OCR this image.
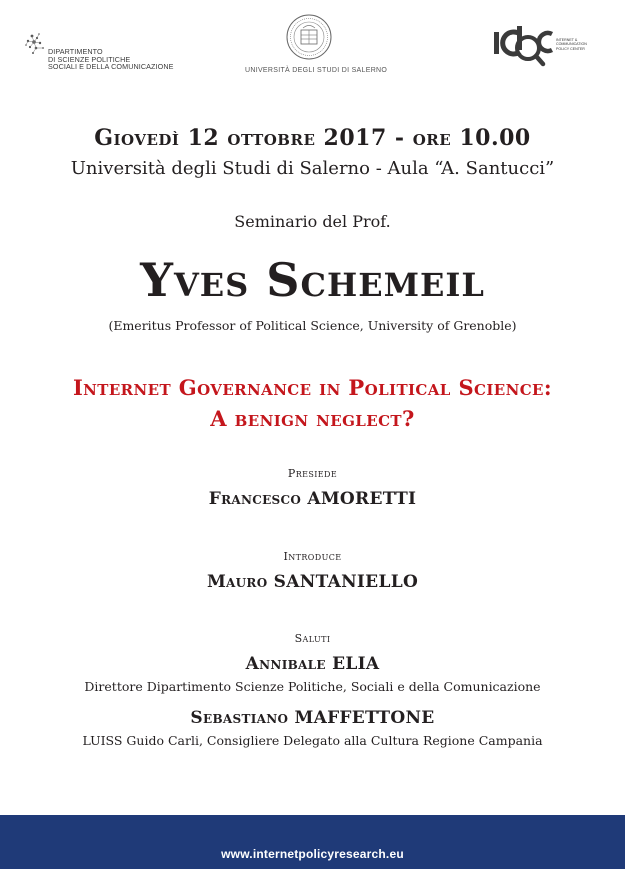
DIPARTIMENTO
DI SCIENZE POLITICHE
SOCIALI E DELLA COMUNICAZIONE	UNIVERSITÀ DEGLI STUDI DI SALERNO
INTERNET &
COMMUNICATION
POLICY CENTER
Giovedì 12 ottobre 2017 - ore 10.00
Università degli Studi di Salerno - Aula “A. Santucci”
Seminario del Prof.
Yves Schemeil
(Emeritus Professor of Political Science, University of Grenoble)
Internet Governance in Political Science:
A benign neglect?
Presiede
Francesco AMORETTI
Introduce
Mauro SANTANIELLO
Saluti
Annibale ELIA
Direttore Dipartimento Scienze Politiche, Sociali e della Comunicazione
Sebastiano MAFFETTONE
LUISS Guido Carli, Consigliere Delegato alla Cultura Regione Campania
www.internetpolicyresearch.eu
